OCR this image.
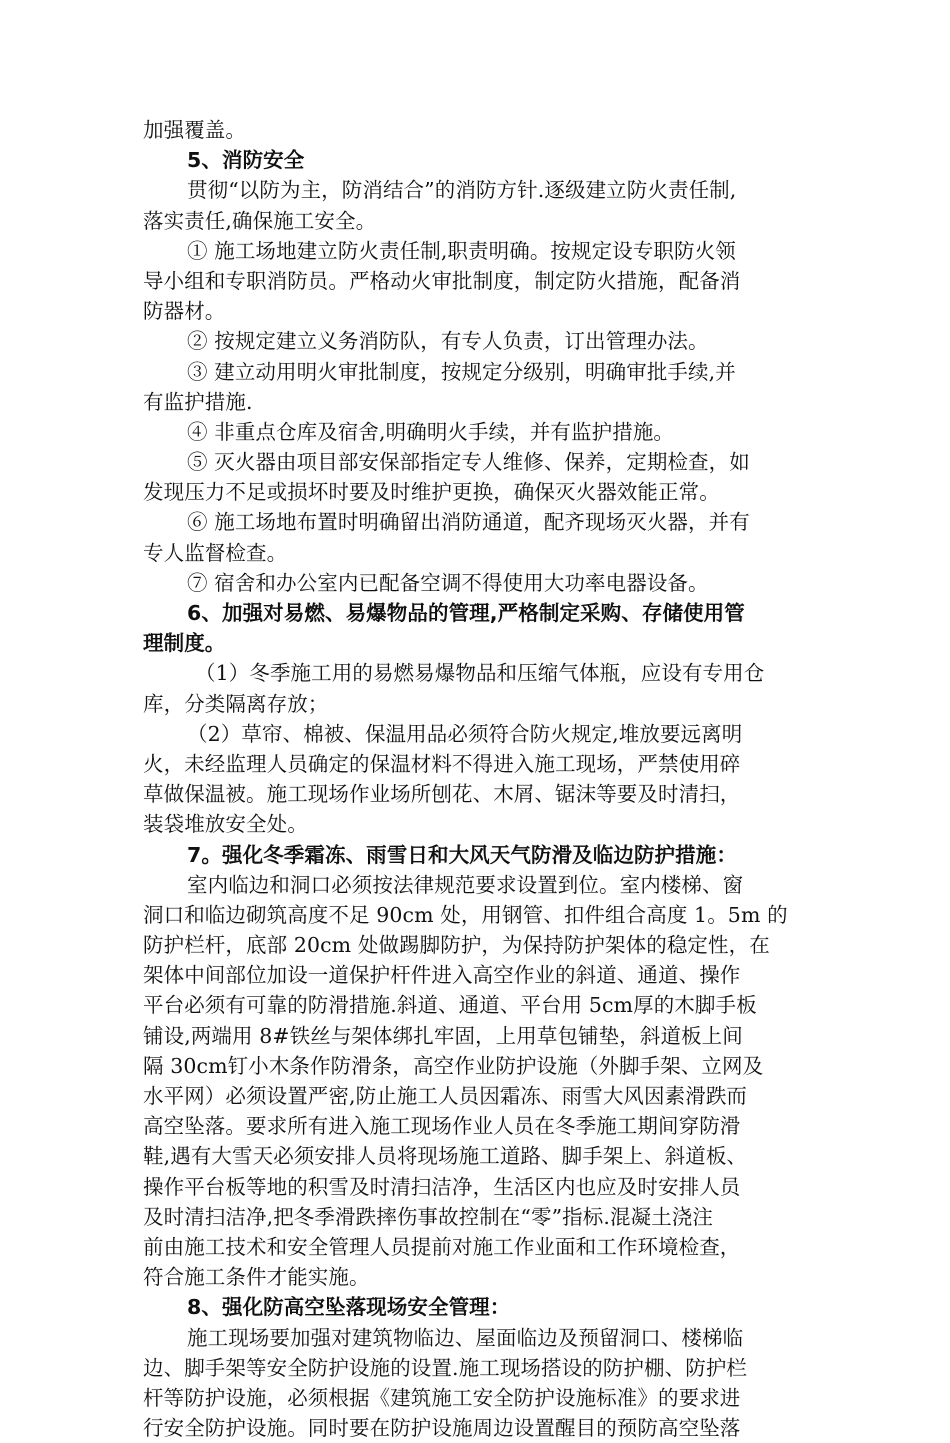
加强覆盖。
5、消防安全
贯彻“以防为主，防消结合”的消防方针.逐级建立防火责任制,
落实责任,确保施工安全。
① 施工场地建立防火责任制,职责明确。按规定设专职防火领
导小组和专职消防员。严格动火审批制度，制定防火措施，配备消
防器材。
② 按规定建立义务消防队，有专人负责，订出管理办法。
③ 建立动用明火审批制度，按规定分级别，明确审批手续,并
有监护措施.
④ 非重点仓库及宿舍,明确明火手续，并有监护措施。
⑤ 灭火器由项目部安保部指定专人维修、保养，定期检查，如
发现压力不足或损坏时要及时维护更换，确保灭火器效能正常。
⑥ 施工场地布置时明确留出消防通道，配齐现场灭火器，并有
专人监督检查。
⑦ 宿舍和办公室内已配备空调不得使用大功率电器设备。
6、加强对易燃、易爆物品的管理,严格制定采购、存储使用管
理制度。
（1）冬季施工用的易燃易爆物品和压缩气体瓶，应设有专用仓
库，分类隔离存放；
（2）草帘、棉被、保温用品必须符合防火规定,堆放要远离明
火，未经监理人员确定的保温材料不得进入施工现场，严禁使用碎
草做保温被。施工现场作业场所刨花、木屑、锯沫等要及时清扫，
装袋堆放安全处。
7。强化冬季霜冻、雨雪日和大风天气防滑及临边防护措施：
室内临边和洞口必须按法律规范要求设置到位。室内楼梯、窗
洞口和临边砌筑高度不足 90cm 处，用钢管、扣件组合高度 1。5m 的
防护栏杆，底部 20cm 处做踢脚防护，为保持防护架体的稳定性，在
架体中间部位加设一道保护杆件进入高空作业的斜道、通道、操作
平台必须有可靠的防滑措施.斜道、通道、平台用 5cm厚的木脚手板
铺设,两端用 8#铁丝与架体绑扎牢固，上用草包铺垫，斜道板上间
隔 30cm钉小木条作防滑条，高空作业防护设施（外脚手架、立网及
水平网）必须设置严密,防止施工人员因霜冻、雨雪大风因素滑跌而
高空坠落。要求所有进入施工现场作业人员在冬季施工期间穿防滑
鞋,遇有大雪天必须安排人员将现场施工道路、脚手架上、斜道板、
操作平台板等地的积雪及时清扫洁净，生活区内也应及时安排人员
及时清扫洁净,把冬季滑跌摔伤事故控制在“零”指标.混凝土浇注
前由施工技术和安全管理人员提前对施工作业面和工作环境检查，
符合施工条件才能实施。
8、强化防高空坠落现场安全管理：
施工现场要加强对建筑物临边、屋面临边及预留洞口、楼梯临
边、脚手架等安全防护设施的设置.施工现场搭设的防护棚、防护栏
杆等防护设施，必须根据《建筑施工安全防护设施标准》的要求进
行安全防护设施。同时要在防护设施周边设置醒目的预防高空坠落
